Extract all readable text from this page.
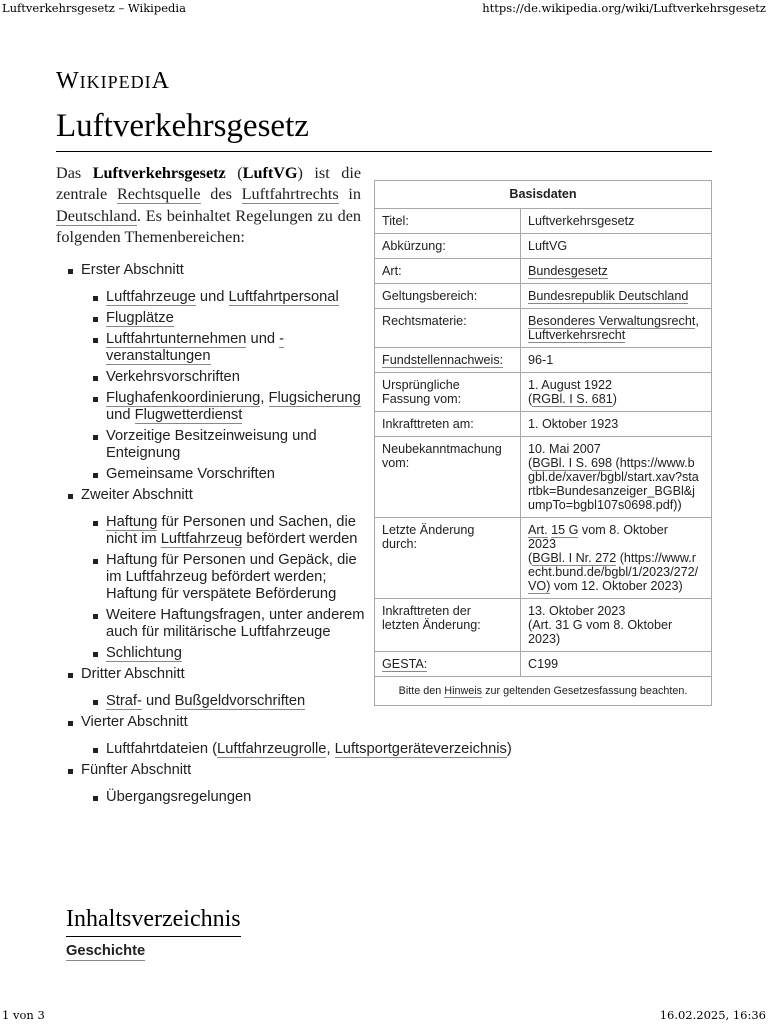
Luftverkehrsgesetz – Wikipedia	https://de.wikipedia.org/wiki/Luftverkehrsgesetz
WIKIPEDIA
Luftverkehrsgesetz
Das Luftverkehrsgesetz (LuftVG) ist die zentrale Rechtsquelle des Luftfahrtrechts in Deutschland. Es beinhaltet Regelungen zu den folgenden Themenbereichen:
Erster Abschnitt
Luftfahrzeuge und Luftfahrtpersonal
Flugplätze
Luftfahrtunternehmen und -veranstaltungen
Verkehrsvorschriften
Flughafenkoordinierung, Flugsicherung und Flugwetterdienst
Vorzeitige Besitzeinweisung und Enteignung
Gemeinsame Vorschriften
Zweiter Abschnitt
Haftung für Personen und Sachen, die nicht im Luftfahrzeug befördert werden
Haftung für Personen und Gepäck, die im Luftfahrzeug befördert werden; Haftung für verspätete Beförderung
Weitere Haftungsfragen, unter anderem auch für militärische Luftfahrzeuge
Schlichtung
Dritter Abschnitt
Straf- und Bußgeldvorschriften
Vierter Abschnitt
Luftfahrtdateien (Luftfahrzeugrolle, Luftsportgeräteverzeichnis)
Fünfter Abschnitt
Übergangsregelungen
Basisdaten	
Titel:	Luftverkehrsgesetz
Abkürzung:	LuftVG
Art:	Bundesgesetz
Geltungsbereich:	Bundesrepublik Deutschland
Rechtsmaterie:	Besonderes Verwaltungsrecht,
Luftverkehrsrecht
Fundstellennachweis:	96-1
Ursprüngliche
Fassung vom:	1. August 1922
(RGBl. I S. 681)
Inkrafttreten am:	1. Oktober 1923
Neubekanntmachung
vom:	10. Mai 2007
(BGBl. I S. 698 (https://www.b
gbl.de/xaver/bgbl/start.xav?sta
rtbk=Bundesanzeiger_BGBl&j
umpTo=bgbl107s0698.pdf))
Letzte Änderung
durch:	Art. 15 G vom 8. Oktober
2023
(BGBl. I Nr. 272 (https://www.r
echt.bund.de/bgbl/1/2023/272/
VO) vom 12. Oktober 2023)
Inkrafttreten der
letzten Änderung:	13. Oktober 2023
(Art. 31 G vom 8. Oktober
2023)
GESTA:	C199
Bitte den Hinweis zur geltenden Gesetzesfassung beachten.	
Inhaltsverzeichnis
Geschichte
1 von 3	16.02.2025, 16:36
